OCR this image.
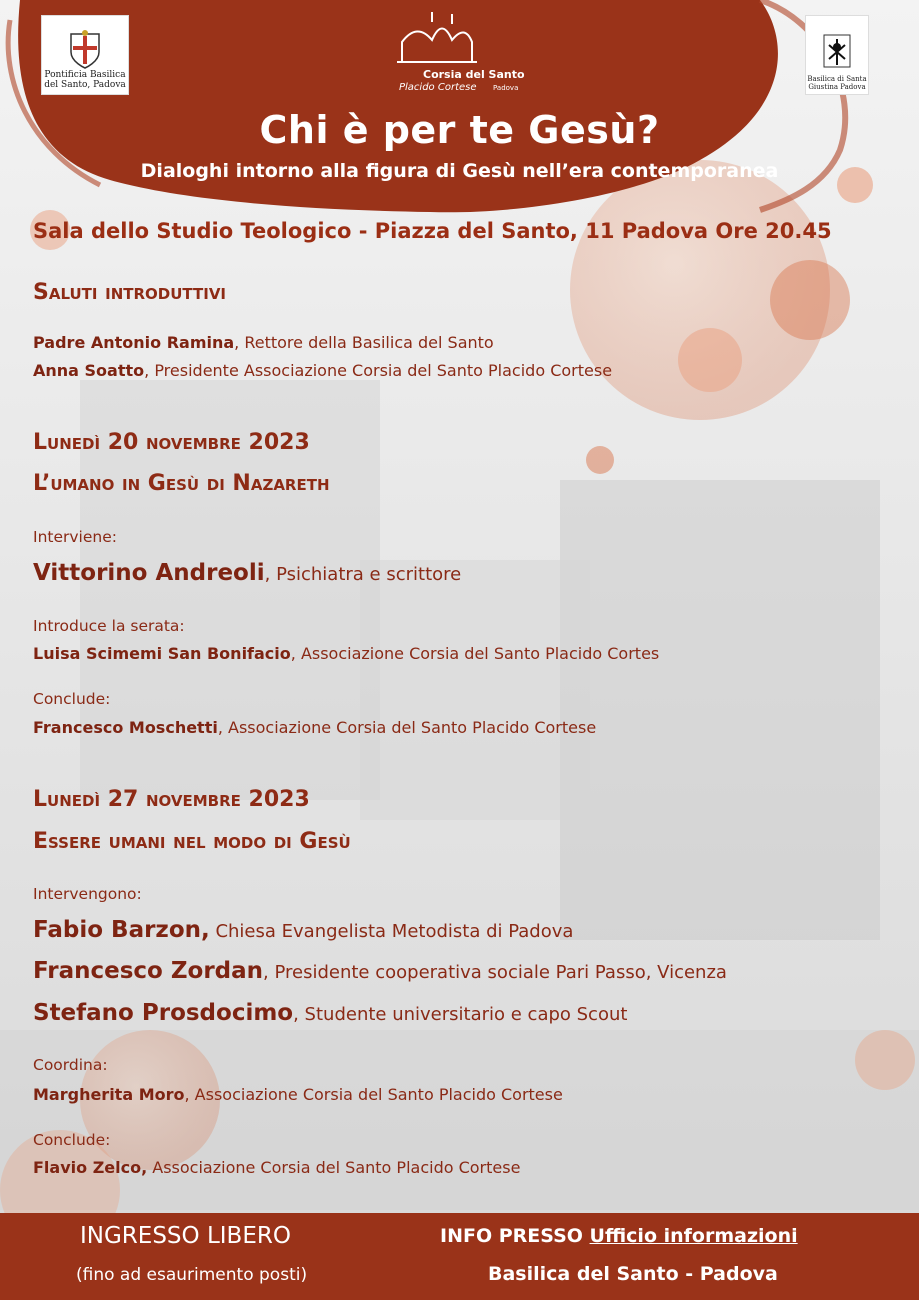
Pontificia Basilica del Santo, Padova
Corsia del Santo
Placido Cortese Padova
Basilica di Santa Giustina Padova
Chi è per te Gesù?
Dialoghi intorno alla figura di Gesù nell’era contemporanea
Sala dello Studio Teologico - Piazza del Santo, 11 Padova Ore 20.45
Saluti introduttivi
Padre Antonio Ramina, Rettore della Basilica del Santo
Anna Soatto, Presidente Associazione Corsia del Santo Placido Cortese
Lunedì 20 novembre 2023
L’umano in Gesù di Nazareth
Interviene:
Vittorino Andreoli, Psichiatra e scrittore
Introduce la serata:
Luisa Scimemi San Bonifacio, Associazione Corsia del Santo Placido Cortes
Conclude:
Francesco Moschetti, Associazione Corsia del Santo Placido Cortese
Lunedì 27 novembre 2023
Essere umani nel modo di Gesù
Intervengono:
Fabio Barzon, Chiesa Evangelista Metodista di Padova
Francesco Zordan, Presidente cooperativa sociale Pari Passo, Vicenza
Stefano Prosdocimo, Studente universitario e capo Scout
Coordina:
Margherita Moro, Associazione Corsia del Santo Placido Cortese
Conclude:
Flavio Zelco, Associazione Corsia del Santo Placido Cortese
INGRESSO LIBERO
(fino ad esaurimento posti)
INFO PRESSO Ufficio informazioni
Basilica del Santo - Padova
